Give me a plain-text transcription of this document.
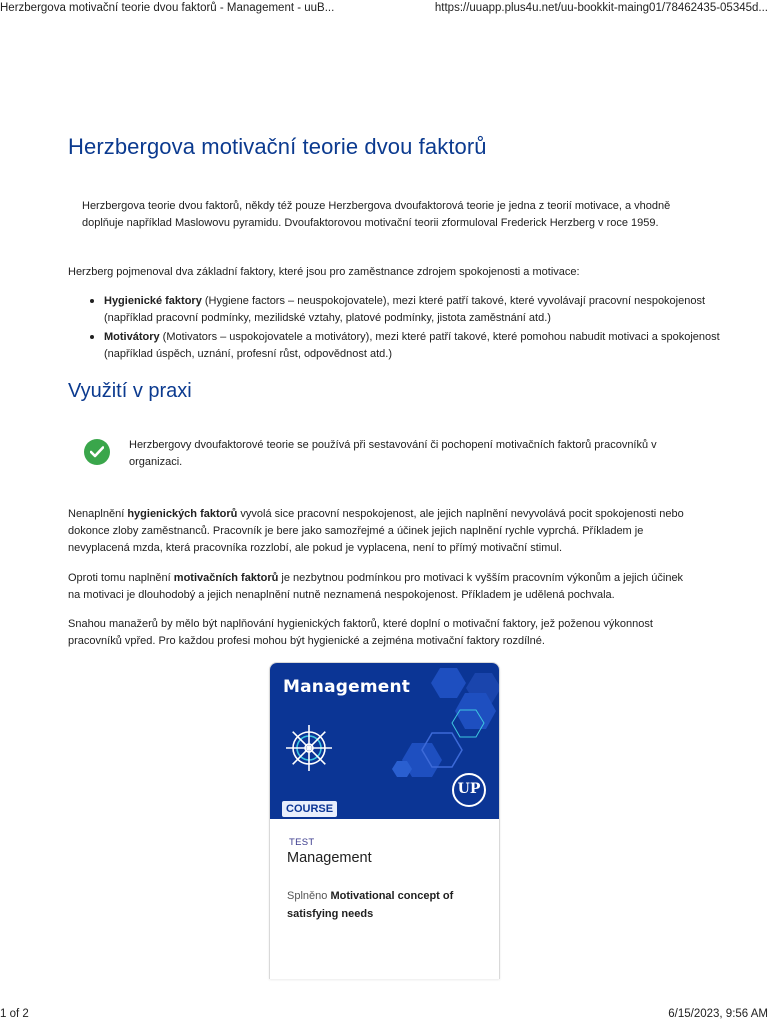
Herzbergova motivační teorie dvou faktorů - Management - uuB...	https://uuapp.plus4u.net/uu-bookkit-maing01/78462435-05345d...
Herzbergova motivační teorie dvou faktorů

Herzbergova teorie dvou faktorů, někdy též pouze Herzbergova dvoufaktorová teorie je jedna z teorií motivace, a vhodně doplňuje například Maslowovu pyramidu. Dvoufaktorovou motivační teorii zformuloval Frederick Herzberg v roce 1959.

Herzberg pojmenoval dva základní faktory, které jsou pro zaměstnance zdrojem spokojenosti a motivace:

• Hygienické faktory (Hygiene factors – neuspokojovatele), mezi které patří takové, které vyvolávají pracovní nespokojenost (například pracovní podmínky, mezilidské vztahy, platové podmínky, jistota zaměstnání atd.)
• Motivátory (Motivators – uspokojovatele a motivátory), mezi které patří takové, které pomohou nabudit motivaci a spokojenost (například úspěch, uznání, profesní růst, odpovědnost atd.)
Využití v praxi
Herzbergovy dvoufaktorové teorie se používá při sestavování či pochopení motivačních faktorů pracovníků v organizaci.

Nenaplnění hygienických faktorů vyvolá sice pracovní nespokojenost, ale jejich naplnění nevyvolává pocit spokojenosti nebo dokonce zloby zaměstnanců. Pracovník je bere jako samozřejmé a účinek jejich naplnění rychle vyprchá. Příkladem je nevyplacená mzda, která pracovníka rozzlobí, ale pokud je vyplacena, není to přímý motivační stimul.

Oproti tomu naplnění motivačních faktorů je nezbytnou podmínkou pro motivaci k vyšším pracovním výkonům a jejich účinek na motivaci je dlouhodobý a jejich nenaplnění nutně neznamená nespokojenost. Příkladem je udělená pochvala.

Snahou manažerů by mělo být naplňování hygienických faktorů, které doplní o motivační faktory, jež poženou výkonnost pracovníků vpřed. Pro každou profesi mohou být hygienické a zejména motivační faktory rozdílné.

Management
UP
COURSE
TEST
Management
Splněno Motivational concept of satisfying needs
1 of 2	6/15/2023, 9:56 AM
